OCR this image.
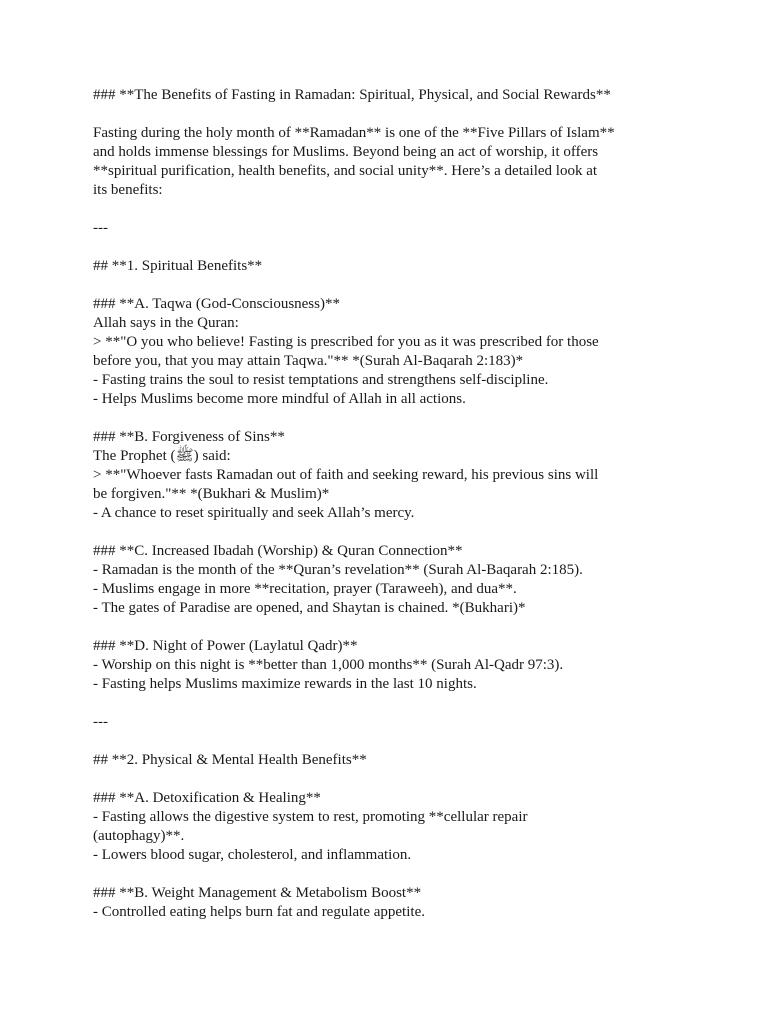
### **The Benefits of Fasting in Ramadan: Spiritual, Physical, and Social Rewards**
Fasting during the holy month of **Ramadan** is one of the **Five Pillars of Islam**
and holds immense blessings for Muslims. Beyond being an act of worship, it offers
**spiritual purification, health benefits, and social unity**. Here’s a detailed look at
its benefits:
---
## **1. Spiritual Benefits**
### **A. Taqwa (God-Consciousness)**
Allah says in the Quran:
> **"O you who believe! Fasting is prescribed for you as it was prescribed for those
before you, that you may attain Taqwa."** *(Surah Al-Baqarah 2:183)*
- Fasting trains the soul to resist temptations and strengthens self-discipline.
- Helps Muslims become more mindful of Allah in all actions.
### **B. Forgiveness of Sins**
The Prophet (ﷺ) said:
> **"Whoever fasts Ramadan out of faith and seeking reward, his previous sins will
be forgiven."** *(Bukhari & Muslim)*
- A chance to reset spiritually and seek Allah’s mercy.
### **C. Increased Ibadah (Worship) & Quran Connection**
- Ramadan is the month of the **Quran’s revelation** (Surah Al-Baqarah 2:185).
- Muslims engage in more **recitation, prayer (Taraweeh), and dua**.
- The gates of Paradise are opened, and Shaytan is chained. *(Bukhari)*
### **D. Night of Power (Laylatul Qadr)**
- Worship on this night is **better than 1,000 months** (Surah Al-Qadr 97:3).
- Fasting helps Muslims maximize rewards in the last 10 nights.
---
## **2. Physical & Mental Health Benefits**
### **A. Detoxification & Healing**
- Fasting allows the digestive system to rest, promoting **cellular repair
(autophagy)**.
- Lowers blood sugar, cholesterol, and inflammation.
### **B. Weight Management & Metabolism Boost**
- Controlled eating helps burn fat and regulate appetite.
